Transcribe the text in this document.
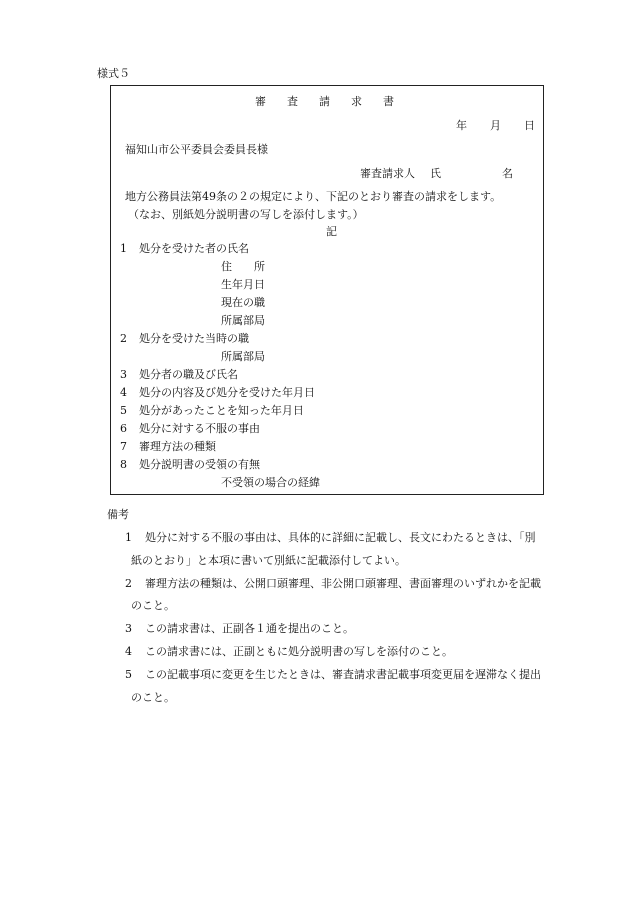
様式５
審査請求書
年 月 日
福知山市公平委員会委員長様
審査請求人 氏	名
地方公務員法第49条の２の規定により、下記のとおり審査の請求をします。
（なお、別紙処分説明書の写しを添付します。）
記
1 処分を受けた者の氏名
住　　所
生年月日
現在の職
所属部局
2 処分を受けた当時の職
所属部局
3 処分者の職及び氏名
4 処分の内容及び処分を受けた年月日
5 処分があったことを知った年月日
6 処分に対する不服の事由
7 審理方法の種類
8 処分説明書の受領の有無
不受領の場合の経緯
備考
1 処分に対する不服の事由は、具体的に詳細に記載し、長文にわたるときは、「別
紙のとおり」と本項に書いて別紙に記載添付してよい。
2 審理方法の種類は、公開口頭審理、非公開口頭審理、書面審理のいずれかを記載
のこと。
3 この請求書は、正副各１通を提出のこと。
4 この請求書には、正副ともに処分説明書の写しを添付のこと。
5 この記載事項に変更を生じたときは、審査請求書記載事項変更届を遅滞なく提出
のこと。
